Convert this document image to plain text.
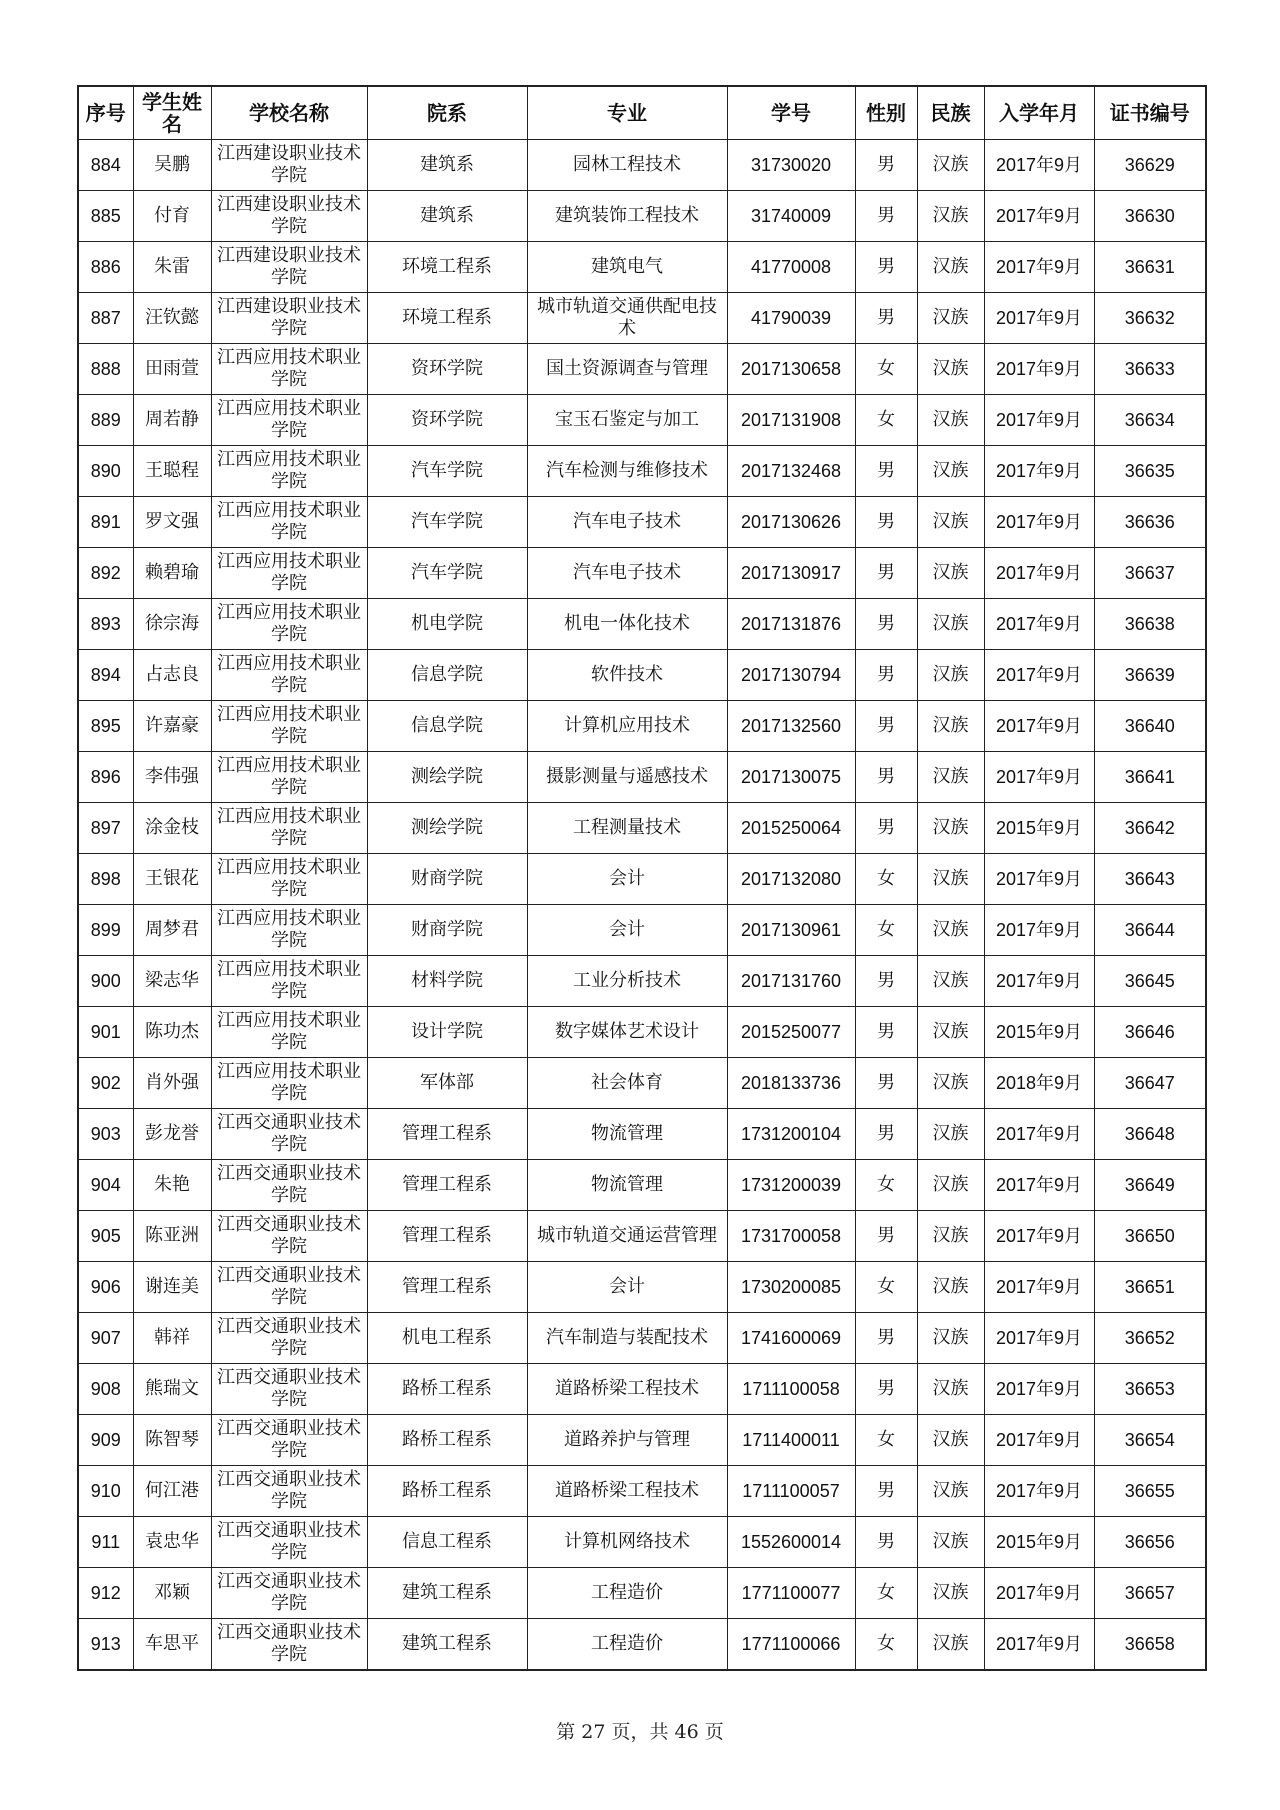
序号	学生姓名	学校名称	院系	专业	学号	性别	民族	入学年月	证书编号
884	吴鹏	江西建设职业技术学院	建筑系	园林工程技术	31730020	男	汉族	2017年9月	36629
885	付育	江西建设职业技术学院	建筑系	建筑装饰工程技术	31740009	男	汉族	2017年9月	36630
886	朱雷	江西建设职业技术学院	环境工程系	建筑电气	41770008	男	汉族	2017年9月	36631
887	汪钦懿	江西建设职业技术学院	环境工程系	城市轨道交通供配电技术	41790039	男	汉族	2017年9月	36632
888	田雨萱	江西应用技术职业学院	资环学院	国土资源调查与管理	2017130658	女	汉族	2017年9月	36633
889	周若静	江西应用技术职业学院	资环学院	宝玉石鉴定与加工	2017131908	女	汉族	2017年9月	36634
890	王聪程	江西应用技术职业学院	汽车学院	汽车检测与维修技术	2017132468	男	汉族	2017年9月	36635
891	罗文强	江西应用技术职业学院	汽车学院	汽车电子技术	2017130626	男	汉族	2017年9月	36636
892	赖碧瑜	江西应用技术职业学院	汽车学院	汽车电子技术	2017130917	男	汉族	2017年9月	36637
893	徐宗海	江西应用技术职业学院	机电学院	机电一体化技术	2017131876	男	汉族	2017年9月	36638
894	占志良	江西应用技术职业学院	信息学院	软件技术	2017130794	男	汉族	2017年9月	36639
895	许嘉豪	江西应用技术职业学院	信息学院	计算机应用技术	2017132560	男	汉族	2017年9月	36640
896	李伟强	江西应用技术职业学院	测绘学院	摄影测量与遥感技术	2017130075	男	汉族	2017年9月	36641
897	涂金枝	江西应用技术职业学院	测绘学院	工程测量技术	2015250064	男	汉族	2015年9月	36642
898	王银花	江西应用技术职业学院	财商学院	会计	2017132080	女	汉族	2017年9月	36643
899	周梦君	江西应用技术职业学院	财商学院	会计	2017130961	女	汉族	2017年9月	36644
900	梁志华	江西应用技术职业学院	材料学院	工业分析技术	2017131760	男	汉族	2017年9月	36645
901	陈功杰	江西应用技术职业学院	设计学院	数字媒体艺术设计	2015250077	男	汉族	2015年9月	36646
902	肖外强	江西应用技术职业学院	军体部	社会体育	2018133736	男	汉族	2018年9月	36647
903	彭龙誉	江西交通职业技术学院	管理工程系	物流管理	1731200104	男	汉族	2017年9月	36648
904	朱艳	江西交通职业技术学院	管理工程系	物流管理	1731200039	女	汉族	2017年9月	36649
905	陈亚洲	江西交通职业技术学院	管理工程系	城市轨道交通运营管理	1731700058	男	汉族	2017年9月	36650
906	谢连美	江西交通职业技术学院	管理工程系	会计	1730200085	女	汉族	2017年9月	36651
907	韩祥	江西交通职业技术学院	机电工程系	汽车制造与装配技术	1741600069	男	汉族	2017年9月	36652
908	熊瑞文	江西交通职业技术学院	路桥工程系	道路桥梁工程技术	1711100058	男	汉族	2017年9月	36653
909	陈智琴	江西交通职业技术学院	路桥工程系	道路养护与管理	1711400011	女	汉族	2017年9月	36654
910	何江港	江西交通职业技术学院	路桥工程系	道路桥梁工程技术	1711100057	男	汉族	2017年9月	36655
911	袁忠华	江西交通职业技术学院	信息工程系	计算机网络技术	1552600014	男	汉族	2015年9月	36656
912	邓颖	江西交通职业技术学院	建筑工程系	工程造价	1771100077	女	汉族	2017年9月	36657
913	车思平	江西交通职业技术学院	建筑工程系	工程造价	1771100066	女	汉族	2017年9月	36658
第 27 页，共 46 页
